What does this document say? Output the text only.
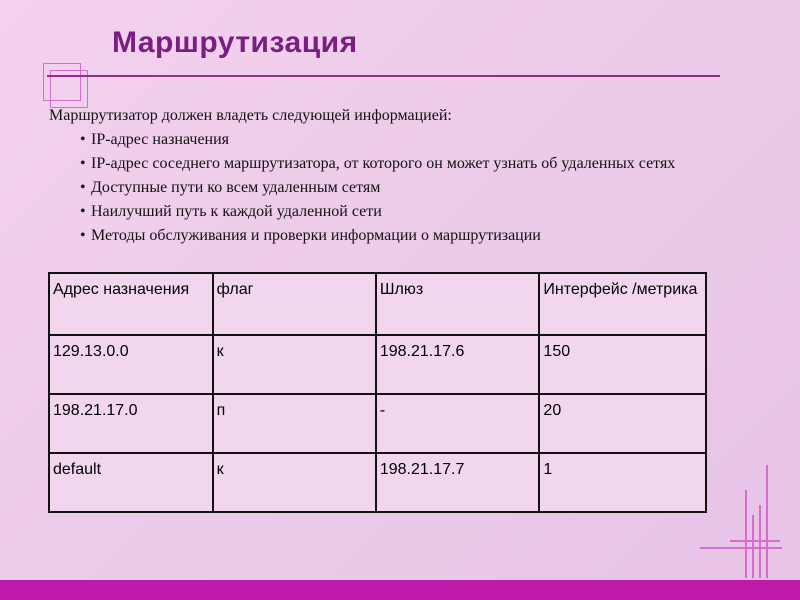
Маршрутизация
Маршрутизатор должен владеть следующей информацией:
• IP-адрес назначения
• IP-адрес соседнего маршрутизатора, от которого он может узнать об удаленных сетях
• Доступные пути ко всем удаленным сетям
• Наилучший путь к каждой удаленной сети
• Методы обслуживания и проверки информации о маршрутизации
Адрес назначения	флаг	Шлюз	Интерфейс /метрика
129.13.0.0	к	198.21.17.6	150
198.21.17.0	п	-	20
default	к	198.21.17.7	1
